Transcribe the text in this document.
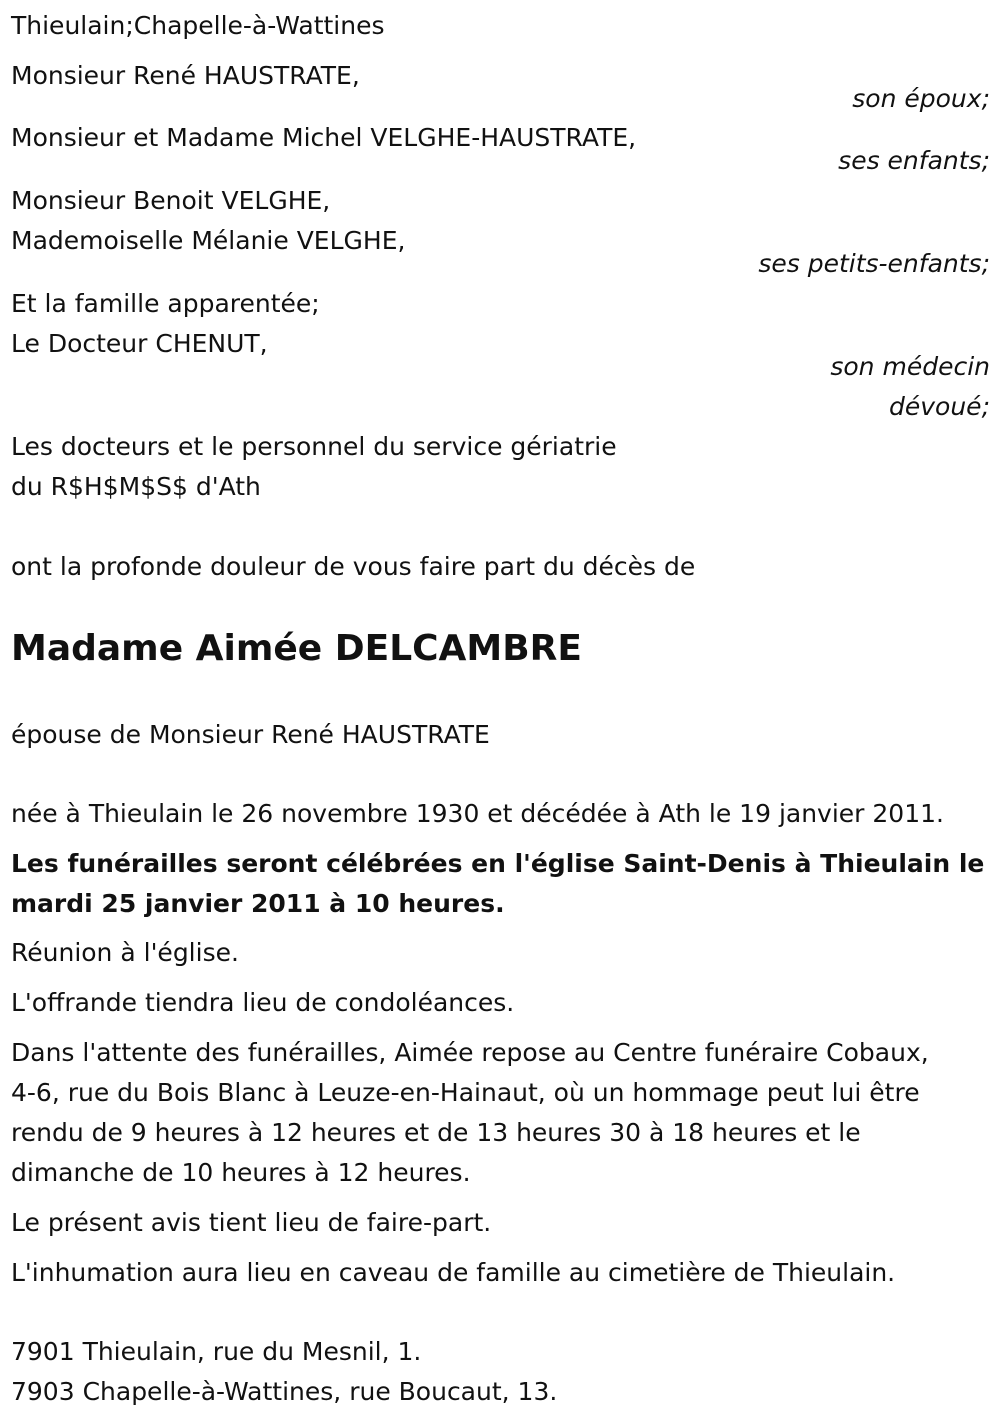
Thieulain;Chapelle-à-Wattines
Monsieur René HAUSTRATE,
son époux;
Monsieur et Madame Michel VELGHE-HAUSTRATE,
ses enfants;
Monsieur Benoit VELGHE,
Mademoiselle Mélanie VELGHE,
ses petits-enfants;
Et la famille apparentée;
Le Docteur CHENUT,
son médecin
dévoué;
Les docteurs et le personnel du service gériatrie
du R$H$M$S$ d'Ath
ont la profonde douleur de vous faire part du décès de
Madame Aimée DELCAMBRE
épouse de Monsieur René HAUSTRATE
née à Thieulain le 26 novembre 1930 et décédée à Ath le 19 janvier 2011.
Les funérailles seront célébrées en l'église Saint-Denis à Thieulain le
mardi 25 janvier 2011 à 10 heures.
Réunion à l'église.
L'offrande tiendra lieu de condoléances.
Dans l'attente des funérailles, Aimée repose au Centre funéraire Cobaux,
4-6, rue du Bois Blanc à Leuze-en-Hainaut, où un hommage peut lui être
rendu de 9 heures à 12 heures et de 13 heures 30 à 18 heures et le
dimanche de 10 heures à 12 heures.
Le présent avis tient lieu de faire-part.
L'inhumation aura lieu en caveau de famille au cimetière de Thieulain.
7901 Thieulain, rue du Mesnil, 1.
7903 Chapelle-à-Wattines, rue Boucaut, 13.
